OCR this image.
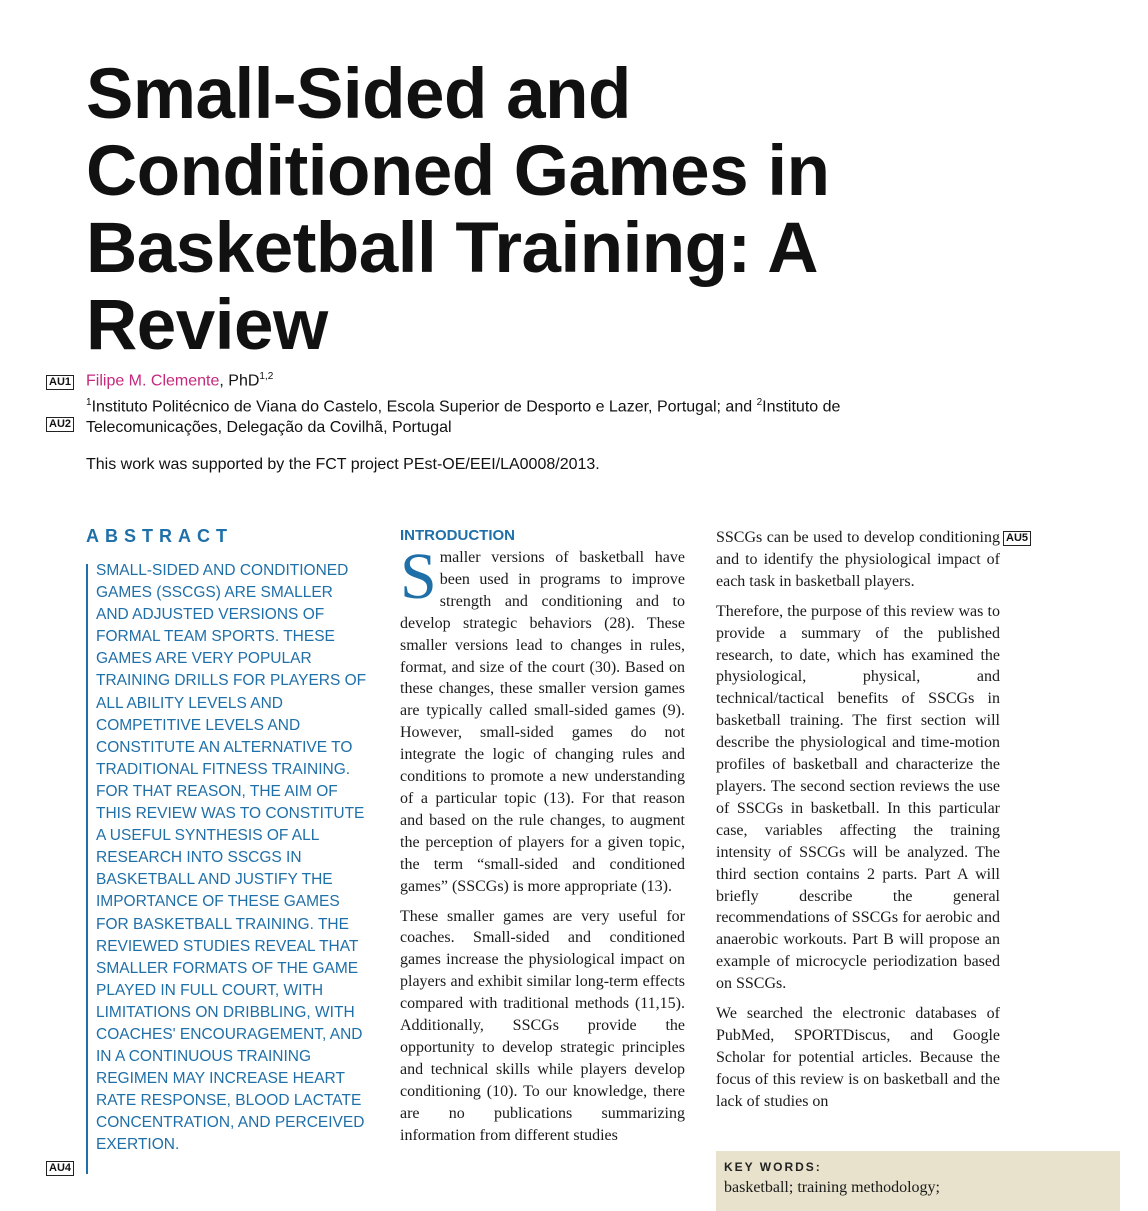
Small-Sided and
Conditioned Games in
Basketball Training: A
Review
AU1
AU2
AU4
AU5
Filipe M. Clemente, PhD$^{1,2}$
$^1$Instituto Politécnico de Viana do Castelo, Escola Superior de Desporto e Lazer, Portugal; and $^2$Instituto de Telecomunicações, Delegação da Covilhã, Portugal
This work was supported by the FCT project PEst-OE/EEI/LA0008/2013.
ABSTRACT

SMALL-SIDED AND CONDITIONED GAMES (SSCGS) ARE SMALLER AND ADJUSTED VERSIONS OF FORMAL TEAM SPORTS. THESE GAMES ARE VERY POPULAR TRAINING DRILLS FOR PLAYERS OF ALL ABILITY LEVELS AND COMPETITIVE LEVELS AND CONSTITUTE AN ALTERNATIVE TO TRADITIONAL FITNESS TRAINING. FOR THAT REASON, THE AIM OF THIS REVIEW WAS TO CONSTITUTE A USEFUL SYNTHESIS OF ALL RESEARCH INTO SSCGS IN BASKETBALL AND JUSTIFY THE IMPORTANCE OF THESE GAMES FOR BASKETBALL TRAINING. THE REVIEWED STUDIES REVEAL THAT SMALLER FORMATS OF THE GAME PLAYED IN FULL COURT, WITH LIMITATIONS ON DRIBBLING, WITH COACHES' ENCOURAGEMENT, AND IN A CONTINUOUS TRAINING REGIMEN MAY INCREASE HEART RATE RESPONSE, BLOOD LACTATE CONCENTRATION, AND PERCEIVED EXERTION.

INTRODUCTION

Smaller versions of basketball have been used in programs to improve strength and conditioning and to develop strategic behaviors (28). These smaller versions lead to changes in rules, format, and size of the court (30). Based on these changes, these smaller version games are typically called small-sided games (9). However, small-sided games do not integrate the logic of changing rules and conditions to promote a new understanding of a particular topic (13). For that reason and based on the rule changes, to augment the perception of players for a given topic, the term “small-sided and conditioned games” (SSCGs) is more appropriate (13).

These smaller games are very useful for coaches. Small-sided and conditioned games increase the physiological impact on players and exhibit similar long-term effects compared with traditional methods (11,15). Additionally, SSCGs provide the opportunity to develop strategic principles and technical skills while players develop conditioning (10). To our knowledge, there are no publications summarizing information from different studies

SSCGs can be used to develop conditioning and to identify the physiological impact of each task in basketball players.

Therefore, the purpose of this review was to provide a summary of the published research, to date, which has examined the physiological, physical, and technical/tactical benefits of SSCGs in basketball training. The first section will describe the physiological and time-motion profiles of basketball and characterize the players. The second section reviews the use of SSCGs in basketball. In this particular case, variables affecting the training intensity of SSCGs will be analyzed. The third section contains 2 parts. Part A will briefly describe the general recommendations of SSCGs for aerobic and anaerobic workouts. Part B will propose an example of microcycle periodization based on SSCGs.

We searched the electronic databases of PubMed, SPORTDiscus, and Google Scholar for potential articles. Because the focus of this review is on basketball and the lack of studies on

KEY WORDS:
basketball; training methodology;
